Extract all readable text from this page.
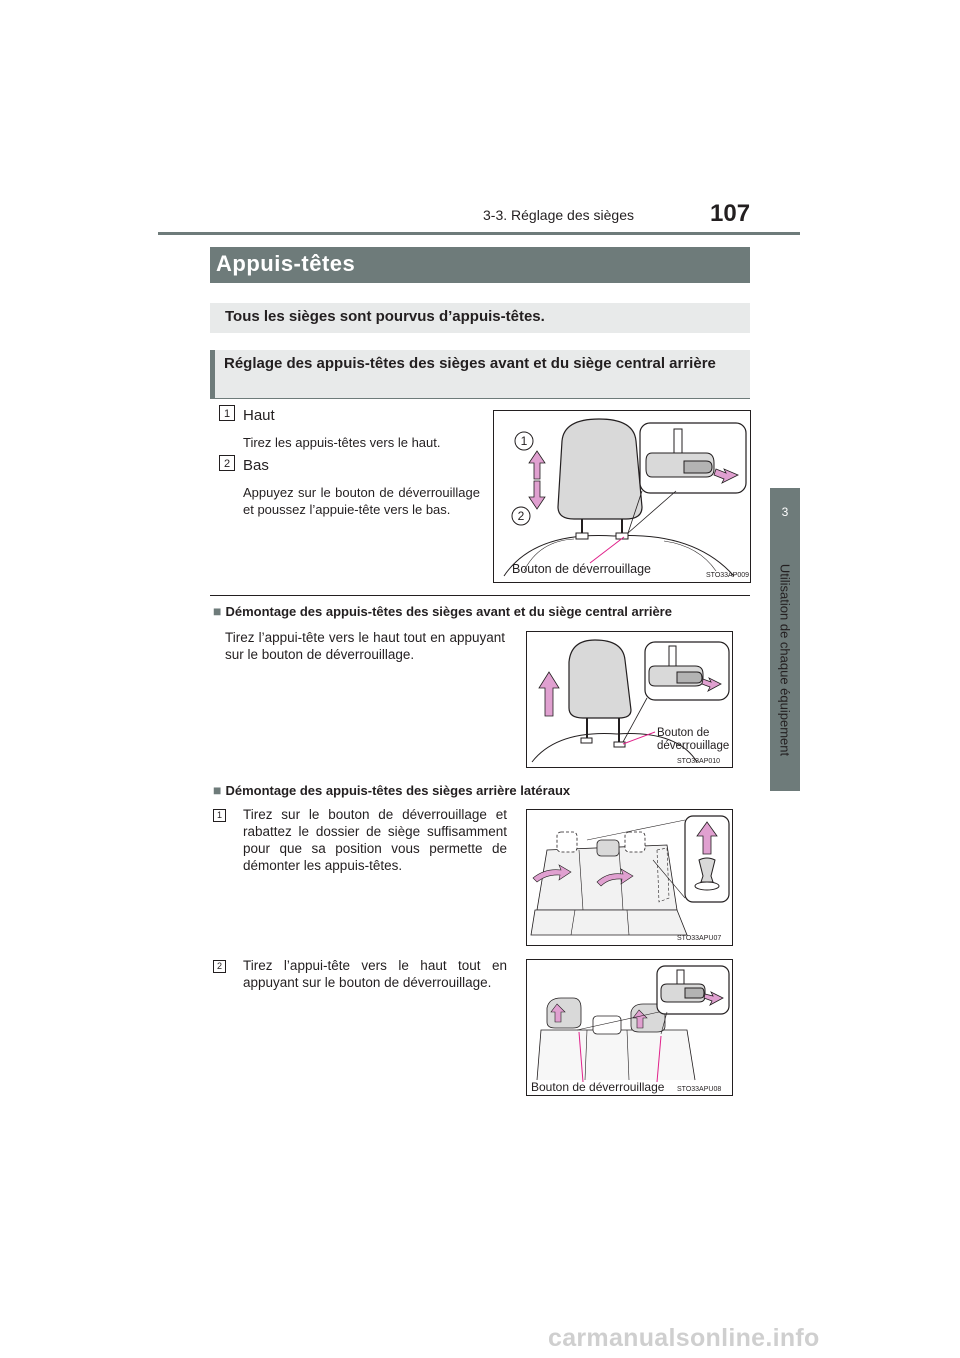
107
3-3. Réglage des sièges
3
Utilisation de chaque équipement
Appuis-têtes
Tous les sièges sont pourvus d’appuis-têtes.
Réglage des appuis-têtes des sièges avant et du siège central arrière
1 Haut
Tirez les appuis-têtes vers le haut.
2 Bas
Appuyez sur le bouton de déverrouillage et poussez l’appuie-tête vers le bas.
1
2
Bouton de déverrouillage	STO33AP009
■ Démontage des appuis-têtes des sièges avant et du siège central arrière
Tirez l’appui-tête vers le haut tout en appuyant sur le bouton de déverrouillage.
Bouton de
déverrouillage
STO33AP010
■ Démontage des appuis-têtes des sièges arrière latéraux
1 Tirez sur le bouton de déverrouillage et rabattez le dossier de siège suffisamment pour que sa position vous permette de démonter les appuis-têtes.
STO33APU07
2 Tirez l’appui-tête vers le haut tout en appuyant sur le bouton de déverrouillage.
Bouton de déverrouillage STO33APU08
carmanualsonline.info
